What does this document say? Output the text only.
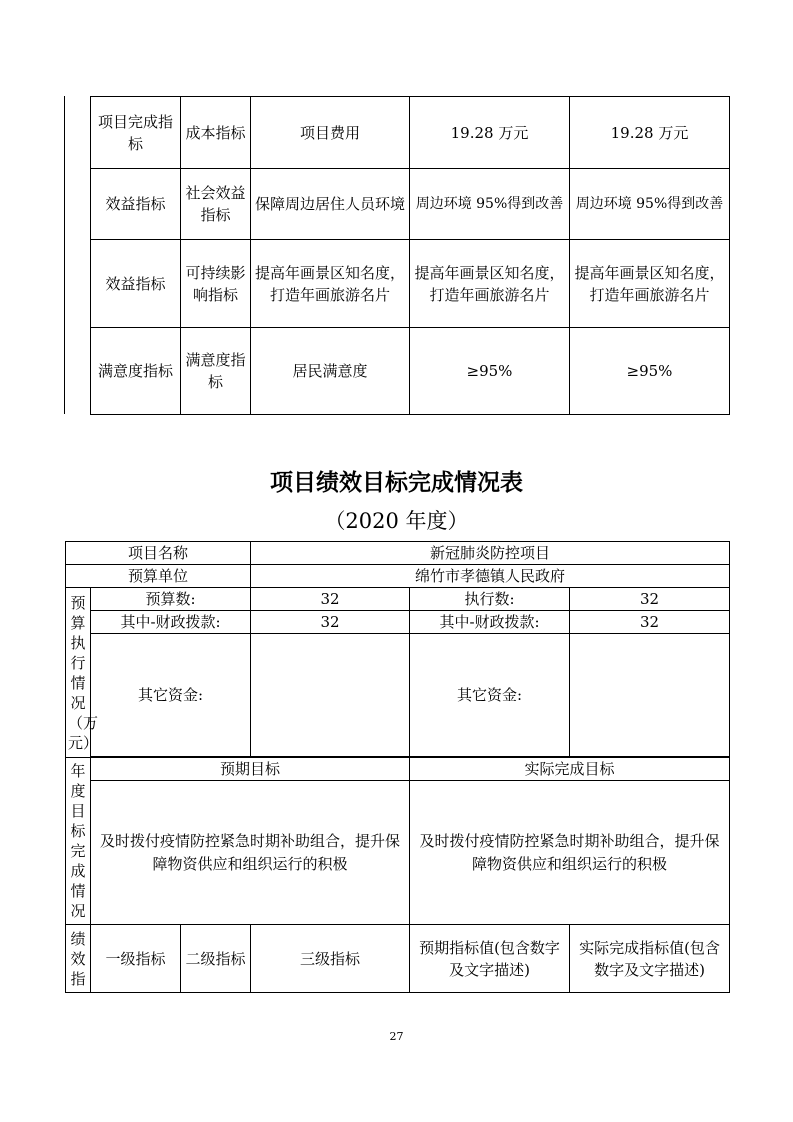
项目完成指标	成本指标	项目费用	19.28 万元	19.28 万元
效益指标	社会效益指标	保障周边居住人员环境	周边环境 95%得到改善	周边环境 95%得到改善
效益指标	可持续影响指标	提高年画景区知名度，打造年画旅游名片	提高年画景区知名度，打造年画旅游名片	提高年画景区知名度，打造年画旅游名片
满意度指标	满意度指标	居民满意度	≥95%	≥95%
项目绩效目标完成情况表
（2020 年度）
项目名称			新冠肺炎防控项目		
预算单位			绵竹市孝德镇人民政府		

预算执行情况（万元）	预算数:		32	执行数:	32
	其中-财政拨款:		32	其中-财政拨款:	32
	其它资金:			其它资金:	

年度目标完成情况	预期目标			实际完成目标	
	及时拨付疫情防控紧急时期补助组合，提升保障物资供应和组织运行的积极			及时拨付疫情防控紧急时期补助组合，提升保障物资供应和组织运行的积极	

绩效指	一级指标	二级指标	三级指标	预期指标值(包含数字及文字描述)	实际完成指标值(包含数字及文字描述)
27
